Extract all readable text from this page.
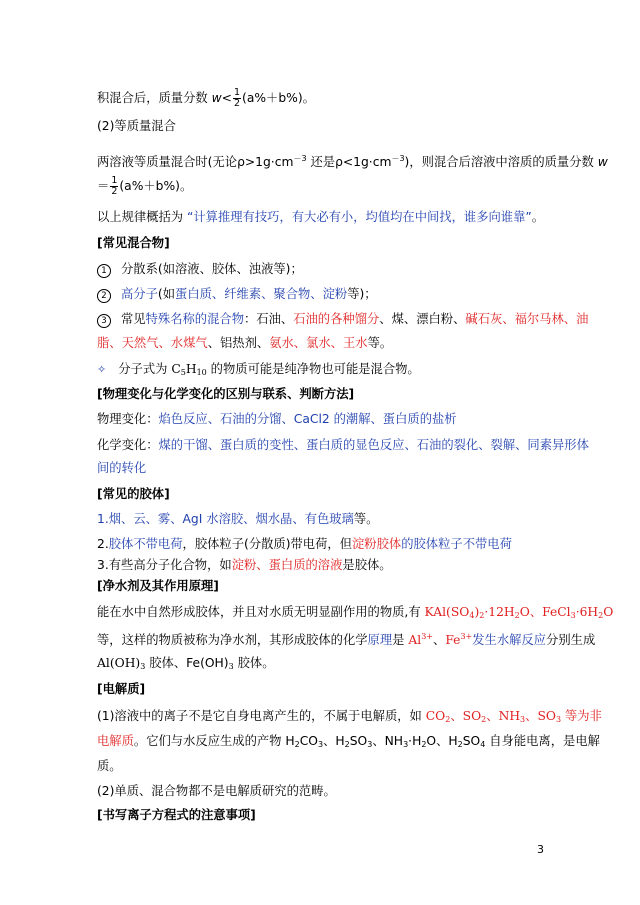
积混合后，质量分数 $w< \frac{1}{2} (a\%+b\%)$。
(2)等质量混合
两溶液等质量混合时(无论$\rho>1g\cdot cm^{-3}$ 还是$\rho<1g\cdot cm^{-3}$)，则混合后溶液中溶质的质量分数 w
＝ $\frac{1}{2} (a\%+b\%)$。
以上规律概括为 “计算推理有技巧，有大必有小，均值均在中间找，谁多向谁靠”。
[常见混合物]
1 分散系(如溶液、胶体、浊液等)；
2 高分子(如蛋白质、纤维素、聚合物、淀粉等)；
3 常见特殊名称的混合物：石油、石油的各种馏分、煤、漂白粉、碱石灰、福尔马林、油
脂、天然气、水煤气、铝热剂、氨水、氯水、王水等。
✧ 分子式为 $C_5H_{10}$ 的物质可能是纯净物也可能是混合物。
[物理变化与化学变化的区别与联系、判断方法]
物理变化：焰色反应、石油的分馏、CaCl2 的潮解、蛋白质的盐析
化学变化：煤的干馏、蛋白质的变性、蛋白质的显色反应、石油的裂化、裂解、同素异形体
间的转化
[常见的胶体]
1.烟、云、雾、AgI 水溶胶、烟水晶、有色玻璃等。
2.胶体不带电荷，胶体粒子(分散质)带电荷，但淀粉胶体的胶体粒子不带电荷
3.有些高分子化合物，如淀粉、蛋白质的溶液是胶体。
[净水剂及其作用原理]
能在水中自然形成胶体，并且对水质无明显副作用的物质,有 $KAl(SO_4)_2\cdot 12H_2O$、$FeCl_3\cdot 6H_2O$
等，这样的物质被称为净水剂，其形成胶体的化学原理是 $Al^{3+}$、$Fe^{3+}$发生水解反应分别生成
$Al(OH)_3$ 胶体、$Fe(OH)_3$ 胶体。
[电解质]
(1)溶液中的离子不是它自身电离产生的，不属于电解质，如 $CO_2$、$SO_2$、$NH_3$、$SO_3$ 等为非
电解质。它们与水反应生成的产物 $H_2CO_3$、$H_2SO_3$、$NH_3\cdot H_2O$、$H_2SO_4$ 自身能电离，是电解
质。
(2)单质、混合物都不是电解质研究的范畴。
[书写离子方程式的注意事项]
3
